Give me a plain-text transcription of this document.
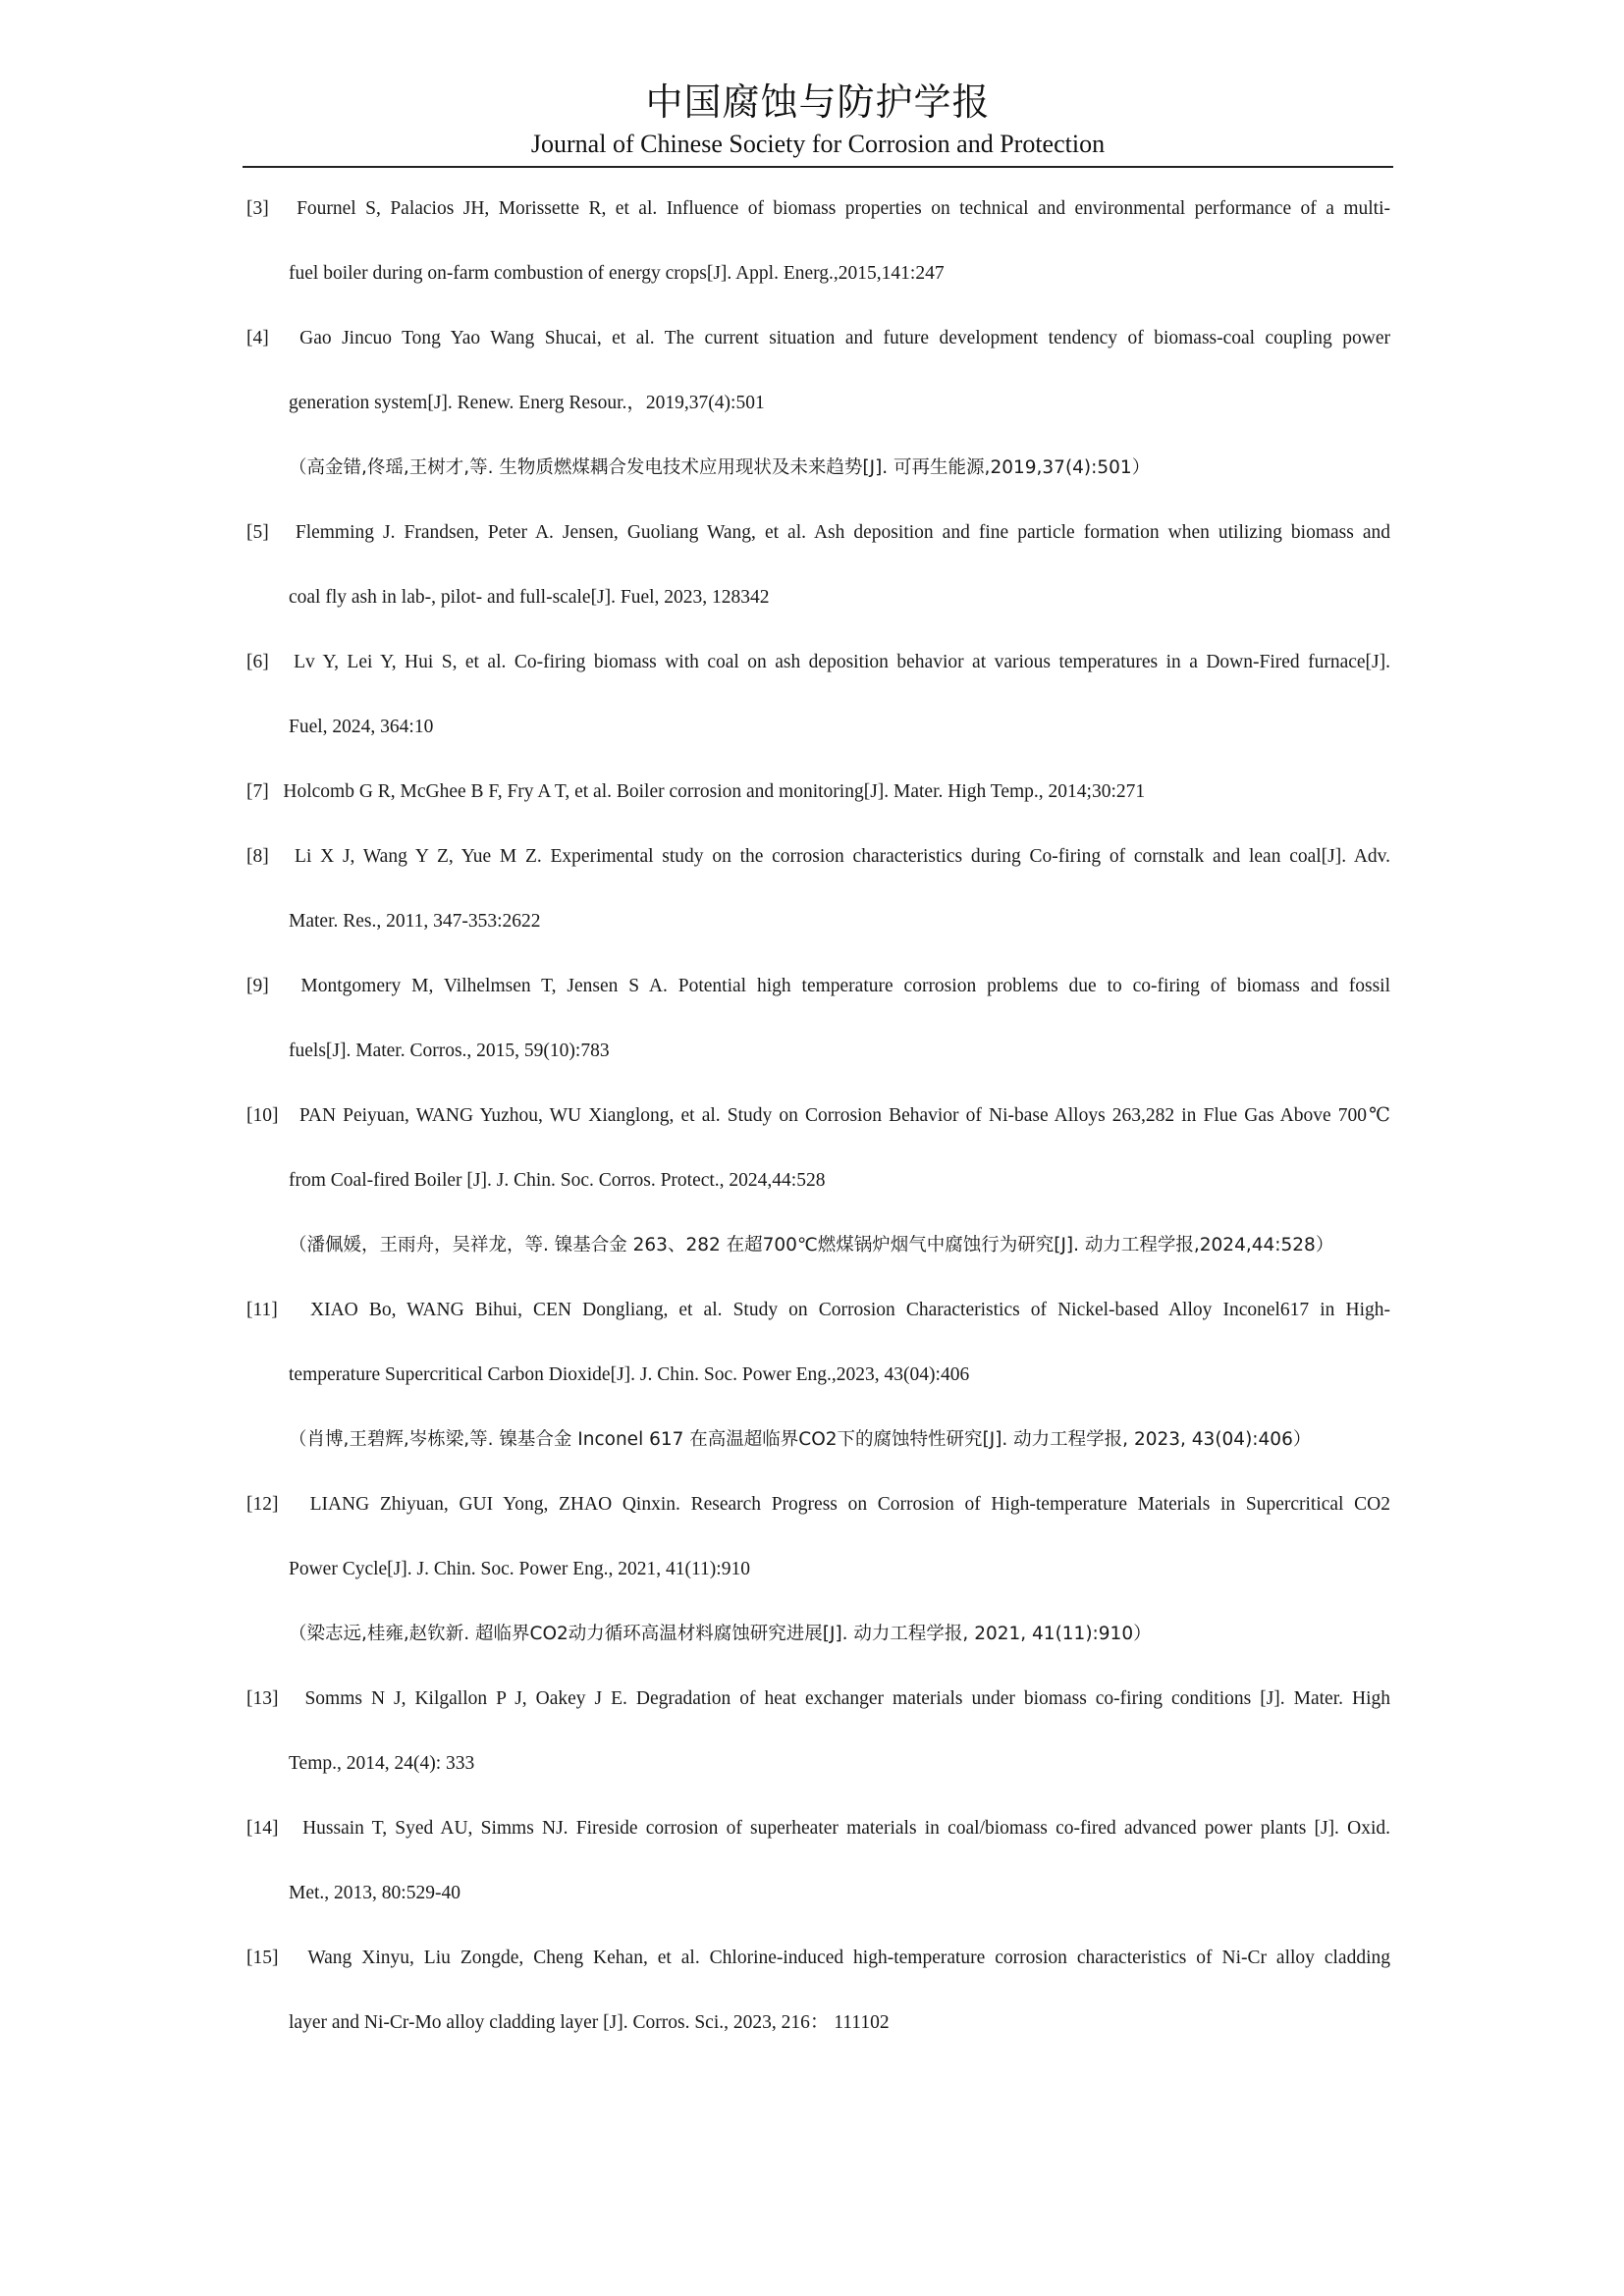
中国腐蚀与防护学报
Journal of Chinese Society for Corrosion and Protection
[3] Fournel S, Palacios JH, Morissette R, et al. Influence of biomass properties on technical and environmental performance of a multi-
fuel boiler during on-farm combustion of energy crops[J]. Appl. Energ.,2015,141:247
[4] Gao Jincuo Tong Yao Wang Shucai, et al. The current situation and future development tendency of biomass-coal coupling power
generation system[J]. Renew. Energ Resour.，2019,37(4):501
（高金错,佟瑶,王树才,等. 生物质燃煤耦合发电技术应用现状及未来趋势[J]. 可再生能源,2019,37(4):501）
[5] Flemming J. Frandsen, Peter A. Jensen, Guoliang Wang, et al. Ash deposition and fine particle formation when utilizing biomass and
coal fly ash in lab-, pilot- and full-scale[J]. Fuel, 2023, 128342
[6] Lv Y, Lei Y, Hui S, et al. Co-firing biomass with coal on ash deposition behavior at various temperatures in a Down-Fired furnace[J].
Fuel, 2024, 364:10
[7] Holcomb G R, McGhee B F, Fry A T, et al. Boiler corrosion and monitoring[J]. Mater. High Temp., 2014;30:271
[8] Li X J, Wang Y Z, Yue M Z. Experimental study on the corrosion characteristics during Co-firing of cornstalk and lean coal[J]. Adv.
Mater. Res., 2011, 347-353:2622
[9] Montgomery M, Vilhelmsen T, Jensen S A. Potential high temperature corrosion problems due to co-firing of biomass and fossil
fuels[J]. Mater. Corros., 2015, 59(10):783
[10] PAN Peiyuan, WANG Yuzhou, WU Xianglong, et al. Study on Corrosion Behavior of Ni-base Alloys 263,282 in Flue Gas Above 700℃
from Coal-fired Boiler [J]. J. Chin. Soc. Corros. Protect., 2024,44:528
（潘佩媛，王雨舟，吴祥龙，等. 镍基合金 263、282 在超700℃燃煤锅炉烟气中腐蚀行为研究[J]. 动力工程学报,2024,44:528）
[11] XIAO Bo, WANG Bihui, CEN Dongliang, et al. Study on Corrosion Characteristics of Nickel-based Alloy Inconel617 in High-
temperature Supercritical Carbon Dioxide[J]. J. Chin. Soc. Power Eng.,2023, 43(04):406
（肖博,王碧辉,岑栋梁,等. 镍基合金 Inconel 617 在高温超临界CO2下的腐蚀特性研究[J]. 动力工程学报, 2023, 43(04):406）
[12] LIANG Zhiyuan, GUI Yong, ZHAO Qinxin. Research Progress on Corrosion of High-temperature Materials in Supercritical CO2
Power Cycle[J]. J. Chin. Soc. Power Eng., 2021, 41(11):910
（梁志远,桂雍,赵钦新. 超临界CO2动力循环高温材料腐蚀研究进展[J]. 动力工程学报, 2021, 41(11):910）
[13] Somms N J, Kilgallon P J, Oakey J E. Degradation of heat exchanger materials under biomass co-firing conditions [J]. Mater. High
Temp., 2014, 24(4): 333
[14] Hussain T, Syed AU, Simms NJ. Fireside corrosion of superheater materials in coal/biomass co-fired advanced power plants [J]. Oxid.
Met., 2013, 80:529-40
[15] Wang Xinyu, Liu Zongde, Cheng Kehan, et al. Chlorine-induced high-temperature corrosion characteristics of Ni-Cr alloy cladding
layer and Ni-Cr-Mo alloy cladding layer [J]. Corros. Sci., 2023, 216： 111102
